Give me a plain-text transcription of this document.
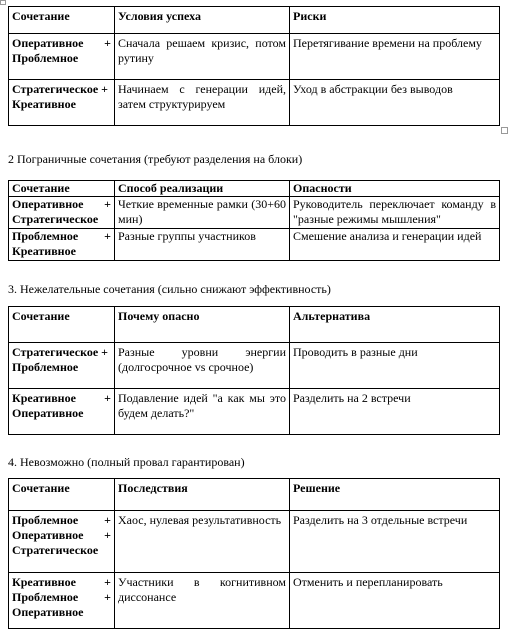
Сочетание	Условия успеха	Риски
Оперативное + Проблемное	Сначала решаем кризис, потом рутину	Перетягивание времени на проблему
Стратегическое + Креативное	Начинаем с генерации идей, затем структурируем	Уход в абстракции без выводов
2 Пограничные сочетания (требуют разделения на блоки)
Сочетание	Способ реализации	Опасности
Оперативное + Стратегическое	Четкие временные рамки (30+60 мин)	Руководитель переключает команду в "разные режимы мышления"
Проблемное + Креативное	Разные группы участников	Смешение анализа и генерации идей
3. Нежелательные сочетания (сильно снижают эффективность)
Сочетание	Почему опасно	Альтернатива
Стратегическое + Проблемное	Разные уровни энергии (долгосрочное vs срочное)	Проводить в разные дни
Креативное + Оперативное	Подавление идей "а как мы это будем делать?"	Разделить на 2 встречи
4. Невозможно (полный провал гарантирован)
Сочетание	Последствия	Решение
Проблемное + Оперативное + Стратегическое	Хаос, нулевая результативность	Разделить на 3 отдельные встречи
Креативное + Проблемное + Оперативное	Участники в когнитивном диссонансе	Отменить и перепланировать
